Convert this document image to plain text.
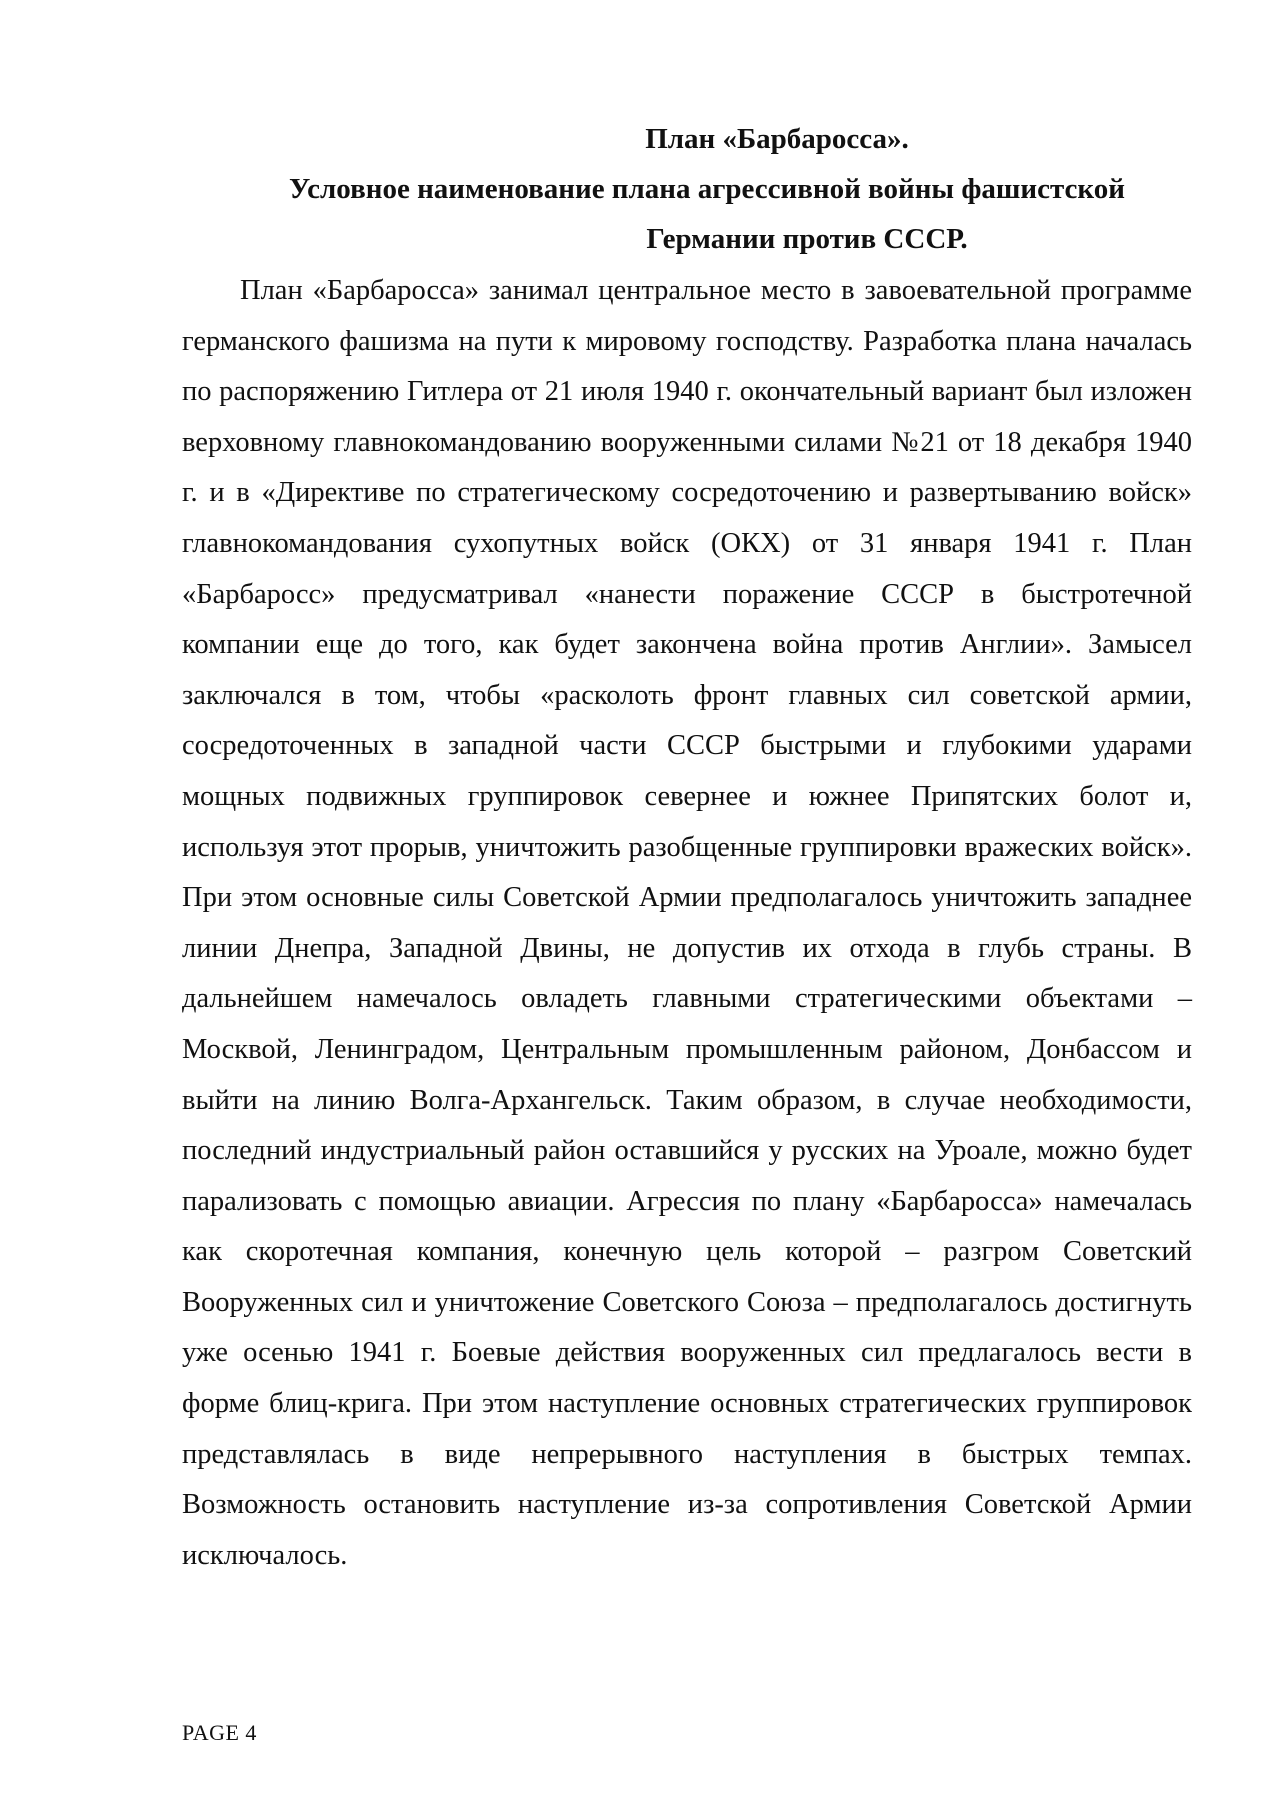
План «Барбаросса».
Условное наименование плана агрессивной войны фашистской
Германии против СССР.

План «Барбаросса» занимал центральное место в завоевательной программе германского фашизма на пути к мировому господству. Разработка плана началась по распоряжению Гитлера от 21 июля 1940 г. окончательный вариант был изложен верховному главнокомандованию вооруженными силами №21 от 18 декабря 1940 г. и в «Директиве по стратегическому сосредоточению и развертыванию войск» главнокомандования сухопутных войск (ОКХ) от 31 января 1941 г. План «Барбаросс» предусматривал «нанести поражение СССР в быстротечной компании еще до того, как будет закончена война против Англии». Замысел заключался в том, чтобы «расколоть фронт главных сил советской армии, сосредоточенных в западной части СССР быстрыми и глубокими ударами мощных подвижных группировок севернее и южнее Припятских болот и, используя этот прорыв, уничтожить разобщенные группировки вражеских войск». При этом основные силы Советской Армии предполагалось уничтожить западнее линии Днепра, Западной Двины, не допустив их отхода в глубь страны. В дальнейшем намечалось овладеть главными стратегическими объектами – Москвой, Ленинградом, Центральным промышленным районом, Донбассом и выйти на линию Волга-Архангельск. Таким образом, в случае необходимости, последний индустриальный район оставшийся у русских на Уроале, можно будет парализовать с помощью авиации. Агрессия по плану «Барбаросса» намечалась как скоротечная компания, конечную цель которой – разгром Советский Вооруженных сил и уничтожение Советского Союза – предполагалось достигнуть уже осенью 1941 г. Боевые действия вооруженных сил предлагалось вести в форме блиц-крига. При этом наступление основных стратегических группировок представлялась в виде непрерывного наступления в быстрых темпах. Возможность остановить наступление из-за сопротивления Советской Армии исключалось.

PAGE 4
